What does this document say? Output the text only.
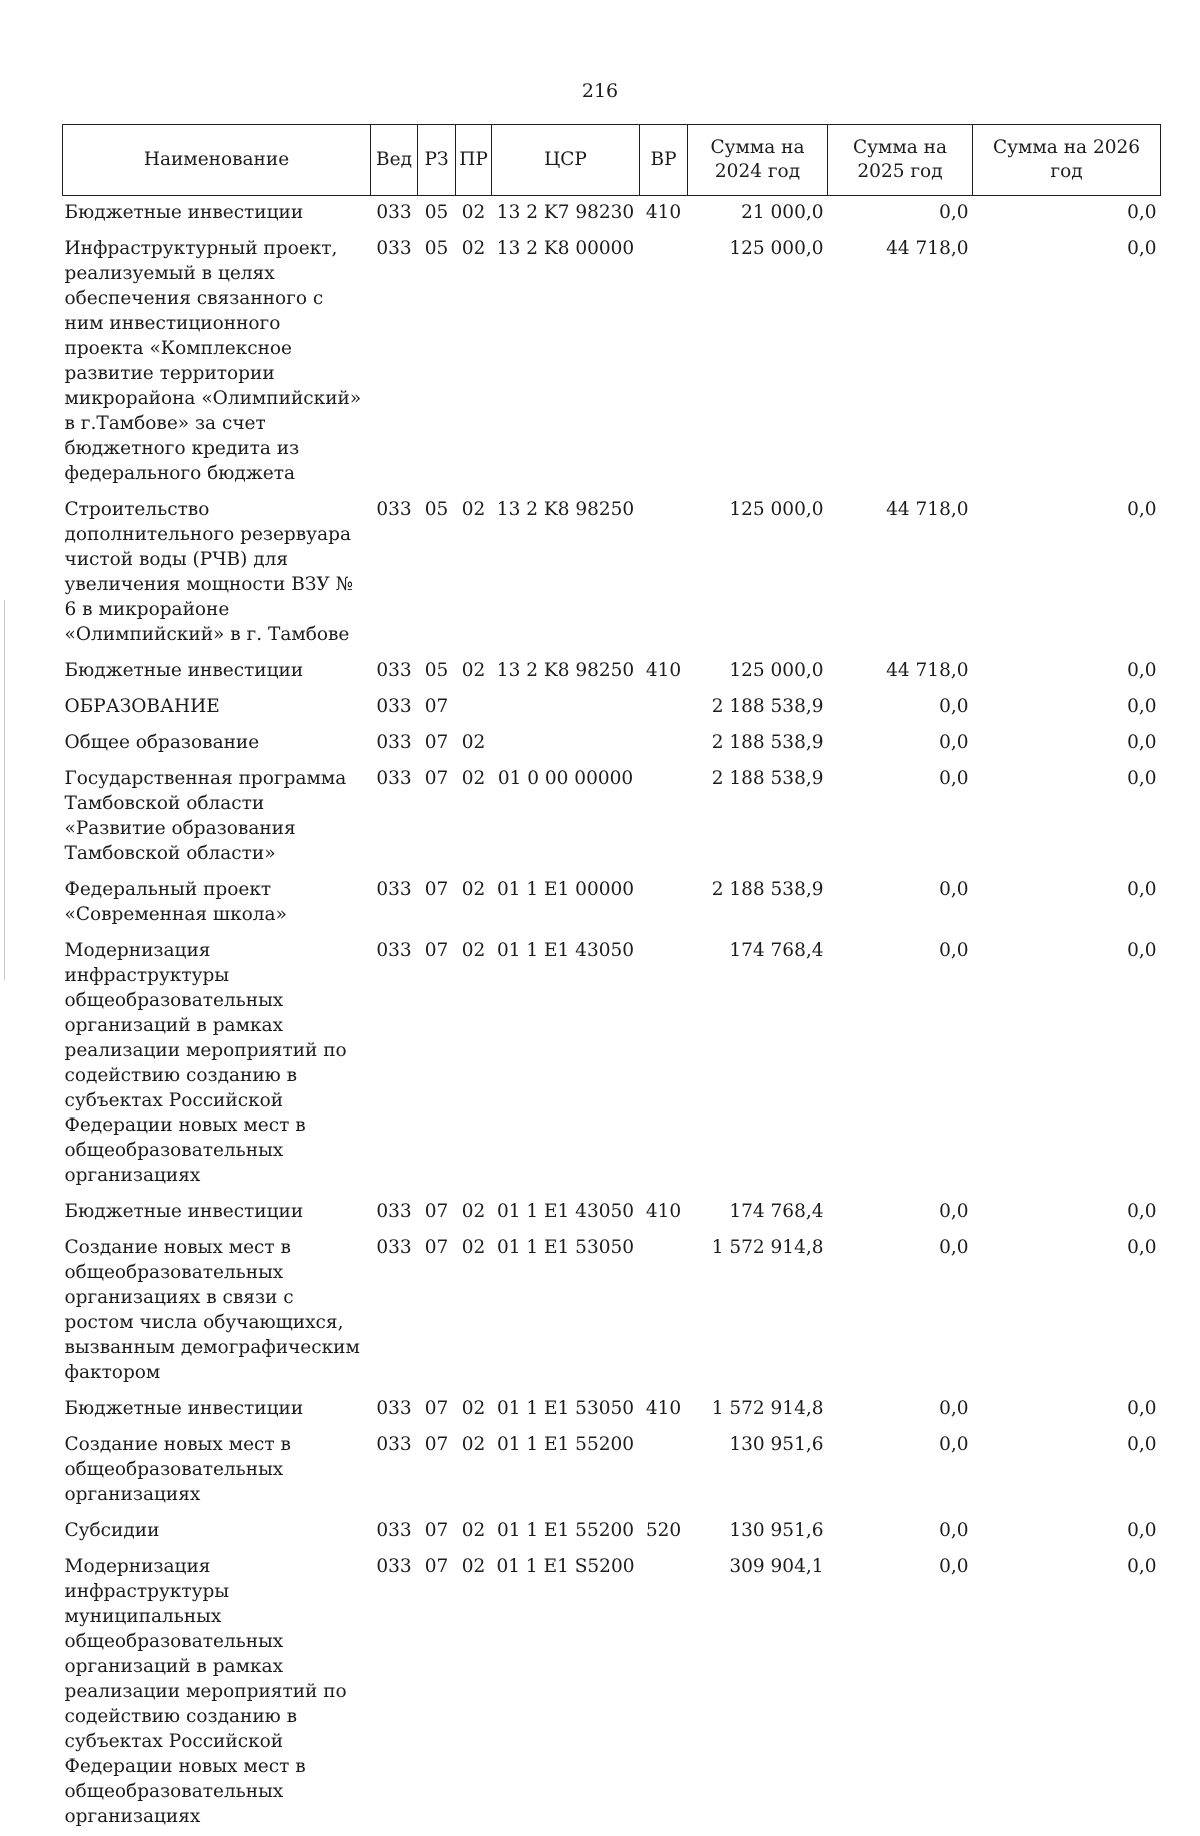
216
Наименование	Вед	РЗ	ПР	ЦСР	ВР	Сумма на 2024 год	Сумма на 2025 год	Сумма на 2026 год
Бюджетные инвестиции	033	05	02	13 2 K7 98230	410	21 000,0	0,0	0,0
Инфраструктурный проект, реализуемый в целях обеспечения связанного с ним инвестиционного проекта «Комплексное развитие территории микрорайона «Олимпийский» в г.Тамбове» за счет бюджетного кредита из федерального бюджета	033	05	02	13 2 K8 00000		125 000,0	44 718,0	0,0
Строительство дополнительного резервуара чистой воды (РЧВ) для увеличения мощности ВЗУ № 6 в микрорайоне «Олимпийский» в г. Тамбове	033	05	02	13 2 K8 98250		125 000,0	44 718,0	0,0
Бюджетные инвестиции	033	05	02	13 2 K8 98250	410	125 000,0	44 718,0	0,0
ОБРАЗОВАНИЕ	033	07				2 188 538,9	0,0	0,0
Общее образование	033	07	02			2 188 538,9	0,0	0,0
Государственная программа Тамбовской области «Развитие образования Тамбовской области»	033	07	02	01 0 00 00000		2 188 538,9	0,0	0,0
Федеральный проект «Современная школа»	033	07	02	01 1 E1 00000		2 188 538,9	0,0	0,0
Модернизация инфраструктуры общеобразовательных организаций в рамках реализации мероприятий по содействию созданию в субъектах Российской Федерации новых мест в общеобразовательных организациях	033	07	02	01 1 E1 43050		174 768,4	0,0	0,0
Бюджетные инвестиции	033	07	02	01 1 E1 43050	410	174 768,4	0,0	0,0
Создание новых мест в общеобразовательных организациях в связи с ростом числа обучающихся, вызванным демографическим фактором	033	07	02	01 1 E1 53050		1 572 914,8	0,0	0,0
Бюджетные инвестиции	033	07	02	01 1 E1 53050	410	1 572 914,8	0,0	0,0
Создание новых мест в общеобразовательных организациях	033	07	02	01 1 E1 55200		130 951,6	0,0	0,0
Субсидии	033	07	02	01 1 E1 55200	520	130 951,6	0,0	0,0
Модернизация инфраструктуры муниципальных общеобразовательных организаций в рамках реализации мероприятий по содействию созданию в субъектах Российской Федерации новых мест в общеобразовательных организациях	033	07	02	01 1 E1 S5200		309 904,1	0,0	0,0
